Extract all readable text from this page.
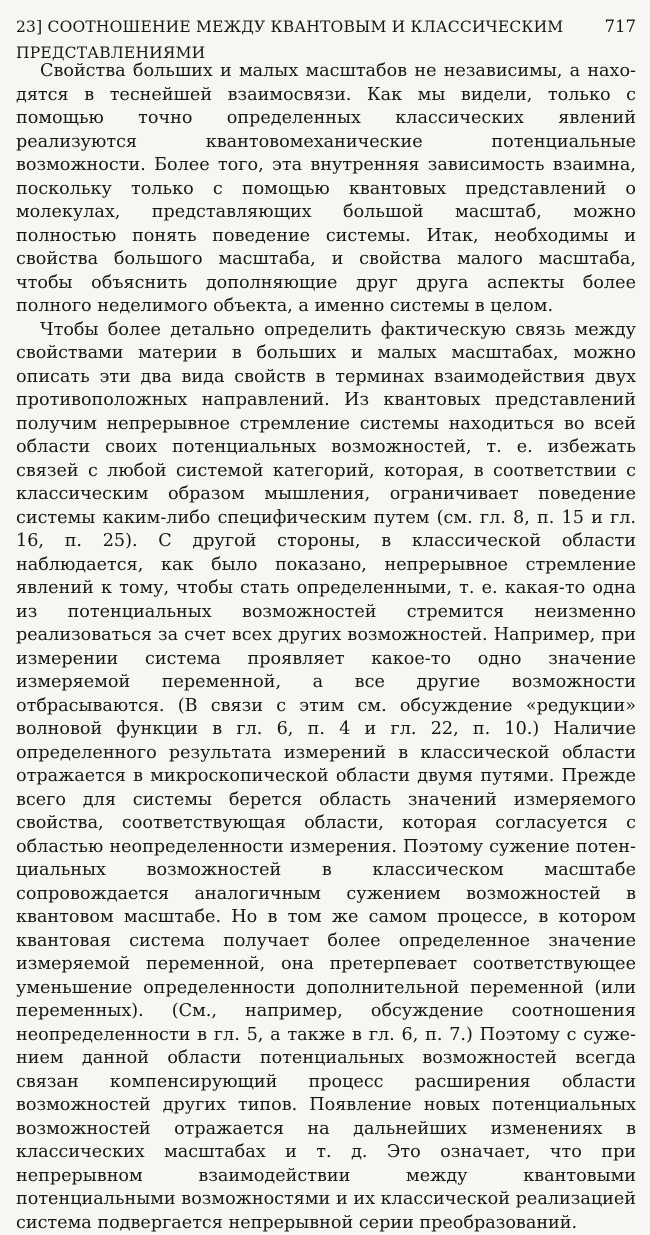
23] СООТНОШЕНИЕ МЕЖДУ КВАНТОВЫМ И КЛАССИЧЕСКИМ ПРЕДСТАВЛЕНИЯМИ
717

Свойства больших и малых масштабов не независимы, а находятся в теснейшей взаимосвязи. Как мы видели, только с помощью точно определенных классических явлений реализуются квантовомеханические потенциальные возможности. Более того, эта внутренняя зависимость взаимна, поскольку только с помощью квантовых представлений о молекулах, представляющих большой масштаб, можно полностью понять поведение системы. Итак, необходимы и свойства большого масштаба, и свойства малого масштаба, чтобы объяснить дополняющие друг друга аспекты более полного неделимого объекта, а именно системы в целом.

Чтобы более детально определить фактическую связь между свойствами материи в больших и малых масштабах, можно описать эти два вида свойств в терминах взаимодействия двух противоположных направлений. Из квантовых представлений получим непрерывное стремление системы находиться во всей области своих потенциальных возможностей, т. е. избежать связей с любой системой категорий, которая, в соответствии с классическим образом мышления, ограничивает поведение системы каким-либо специфическим путем (см. гл. 8, п. 15 и гл. 16, п. 25). С другой стороны, в классической области наблюдается, как было показано, непрерывное стремление явлений к тому, чтобы стать определенными, т. е. какая-то одна из потенциальных возможностей стремится неизменно реализоваться за счет всех других возможностей. Например, при измерении система проявляет какое-то одно значение измеряемой переменной, а все другие возможности отбрасываются. (В связи с этим см. обсуждение «редукции» волновой функции в гл. 6, п. 4 и гл. 22, п. 10.) Наличие определенного результата измерений в классической области отражается в микроскопической области двумя путями. Прежде всего для системы берется область значений измеряемого свойства, соответствующая области, которая согласуется с областью неопределенности измерения. Поэтому сужение потенциальных возможностей в классическом масштабе сопровождается аналогичным сужением возможностей в квантовом масштабе. Но в том же самом процессе, в котором квантовая система получает более определенное значение измеряемой переменной, она претерпевает соответствующее уменьшение определенности дополнительной переменной (или переменных). (См., например, обсуждение соотношения неопределенности в гл. 5, а также в гл. 6, п. 7.) Поэтому с сужением данной области потенциальных возможностей всегда связан компенсирующий процесс расширения области возможностей других типов. Появление новых потенциальных возможностей отражается на дальнейших изменениях в классических масштабах и т. д. Это означает, что при непрерывном взаимодействии между квантовыми потенциальными возможностями и их классической реализацией система подвергается непрерывной серии преобразований.
